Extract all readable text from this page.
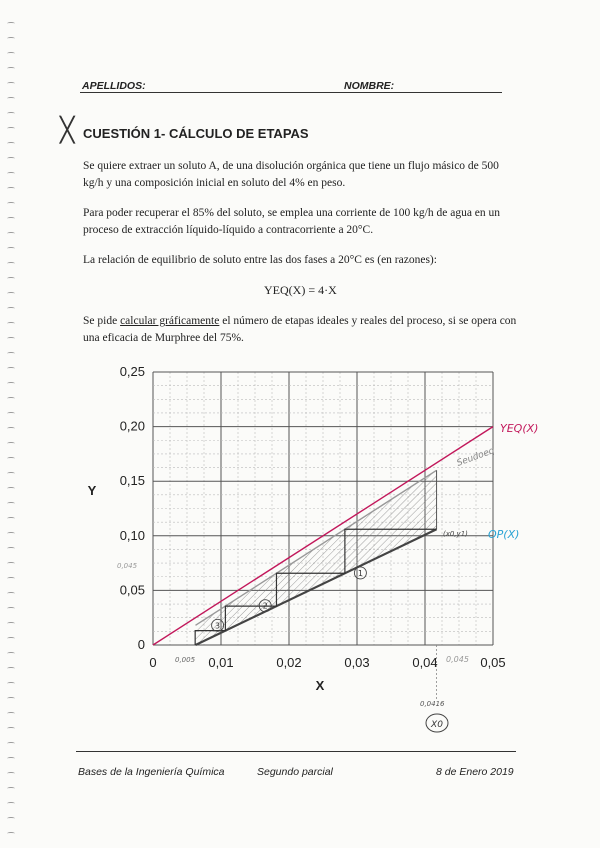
APELLIDOS:	NOMBRE:
╳ CUESTIÓN 1- CÁLCULO DE ETAPAS
Se quiere extraer un soluto A, de una disolución orgánica que tiene un flujo másico de 500 kg/h y una composición inicial en soluto del 4% en peso.
Para poder recuperar el 85% del soluto, se emplea una corriente de 100 kg/h de agua en un proceso de extracción líquido-líquido a contracorriente a 20°C.
La relación de equilibrio de soluto entre las dos fases a 20°C es (en razones):
YEQ(X) = 4·X
Se pide calcular gráficamente el número de etapas ideales y reales del proceso, si se opera con una eficacia de Murphree del 75%.
1
2
3
0	0,01	0,02	0,03	0,04	0,05
0
0,05
0,10
0,15
0,20
0,25
X
Y
YEQ(X)
OP(X)
Seudoeq
(x0,y1)
0,005	0,045
0,045
0,0416
X0
Bases de la Ingeniería Química	Segundo parcial	8 de Enero 2019
